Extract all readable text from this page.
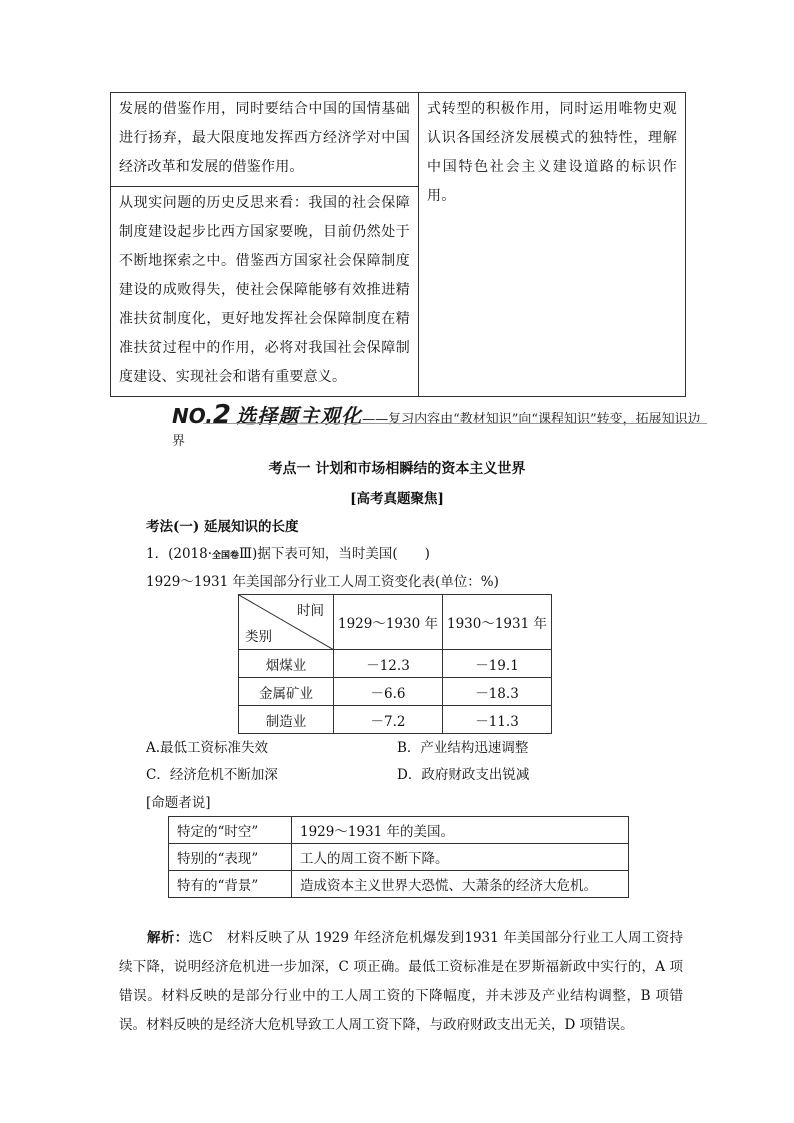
发展的借鉴作用，同时要结合中国的国情基础进行扬弃，最大限度地发挥西方经济学对中国经济改革和发展的借鉴作用。	式转型的积极作用，同时运用唯物史观认识各国经济发展模式的独特性，理解中国特色社会主义建设道路的标识作用。
从现实问题的历史反思来看：我国的社会保障制度建设起步比西方国家要晚，目前仍然处于不断地探索之中。借鉴西方国家社会保障制度建设的成败得失，使社会保障能够有效推进精准扶贫制度化，更好地发挥社会保障制度在精准扶贫过程中的作用，必将对我国社会保障制度建设、实现社会和谐有重要意义。
NO.2 选择题主观化——复习内容由“教材知识”向“课程知识”转变，拓展知识边界
考点一 计划和市场相瞬结的资本主义世界
[高考真题聚焦]
考法(一) 延展知识的长度
1．(2018·全国卷Ⅲ)据下表可知，当时美国(　　)
1929～1931 年美国部分行业工人周工资变化表(单位：%)
时间
类别	1929～1930 年	1930～1931 年
烟煤业	－12.3	－19.1
金属矿业	－6.6	－18.3
制造业	－7.2	－11.3
A.最低工资标准失效	B．产业结构迅速调整
C．经济危机不断加深	D．政府财政支出锐减
[命题者说]
特定的“时空”	1929～1931 年的美国。
特别的“表现”	工人的周工资不断下降。
特有的“背景”	造成资本主义世界大恐慌、大萧条的经济大危机。
解析：选C　材料反映了从 1929 年经济危机爆发到1931 年美国部分行业工人周工资持续下降，说明经济危机进一步加深，C 项正确。最低工资标准是在罗斯福新政中实行的，A 项错误。材料反映的是部分行业中的工人周工资的下降幅度，并未涉及产业结构调整，B 项错误。材料反映的是经济大危机导致工人周工资下降，与政府财政支出无关，D 项错误。
